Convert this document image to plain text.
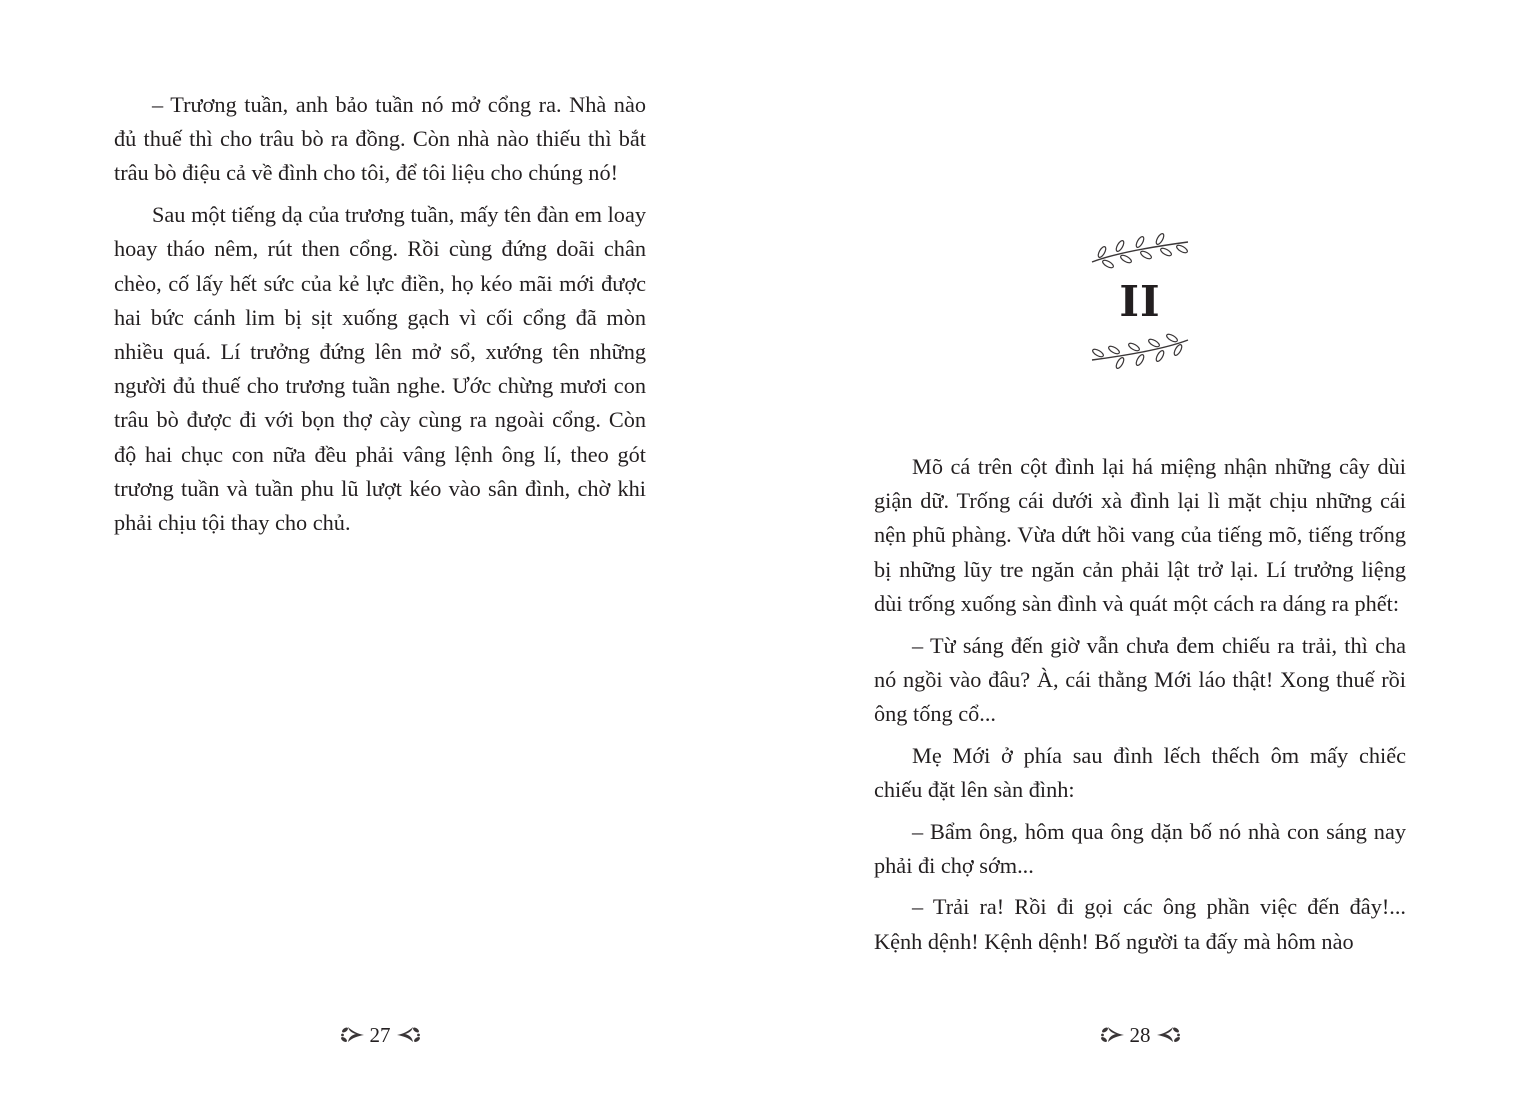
– Trương tuần, anh bảo tuần nó mở cổng ra. Nhà nào đủ thuế thì cho trâu bò ra đồng. Còn nhà nào thiếu thì bắt trâu bò điệu cả về đình cho tôi, để tôi liệu cho chúng nó!

Sau một tiếng dạ của trương tuần, mấy tên đàn em loay hoay tháo nêm, rút then cổng. Rồi cùng đứng doãi chân chèo, cố lấy hết sức của kẻ lực điền, họ kéo mãi mới được hai bức cánh lim bị sịt xuống gạch vì cối cổng đã mòn nhiều quá. Lí trưởng đứng lên mở sổ, xướng tên những người đủ thuế cho trương tuần nghe. Ước chừng mươi con trâu bò được đi với bọn thợ cày cùng ra ngoài cổng. Còn độ hai chục con nữa đều phải vâng lệnh ông lí, theo gót trương tuần và tuần phu lũ lượt kéo vào sân đình, chờ khi phải chịu tội thay cho chủ.

27
II

Mõ cá trên cột đình lại há miệng nhận những cây dùi giận dữ. Trống cái dưới xà đình lại lì mặt chịu những cái nện phũ phàng. Vừa dứt hồi vang của tiếng mõ, tiếng trống bị những lũy tre ngăn cản phải lật trở lại. Lí trưởng liệng dùi trống xuống sàn đình và quát một cách ra dáng ra phết:

– Từ sáng đến giờ vẫn chưa đem chiếu ra trải, thì cha nó ngồi vào đâu? À, cái thằng Mới láo thật! Xong thuế rồi ông tống cổ...

Mẹ Mới ở phía sau đình lếch thếch ôm mấy chiếc chiếu đặt lên sàn đình:

– Bẩm ông, hôm qua ông dặn bố nó nhà con sáng nay phải đi chợ sớm...

– Trải ra! Rồi đi gọi các ông phần việc đến đây!... Kệnh dệnh! Kệnh dệnh! Bố người ta đấy mà hôm nào

28
